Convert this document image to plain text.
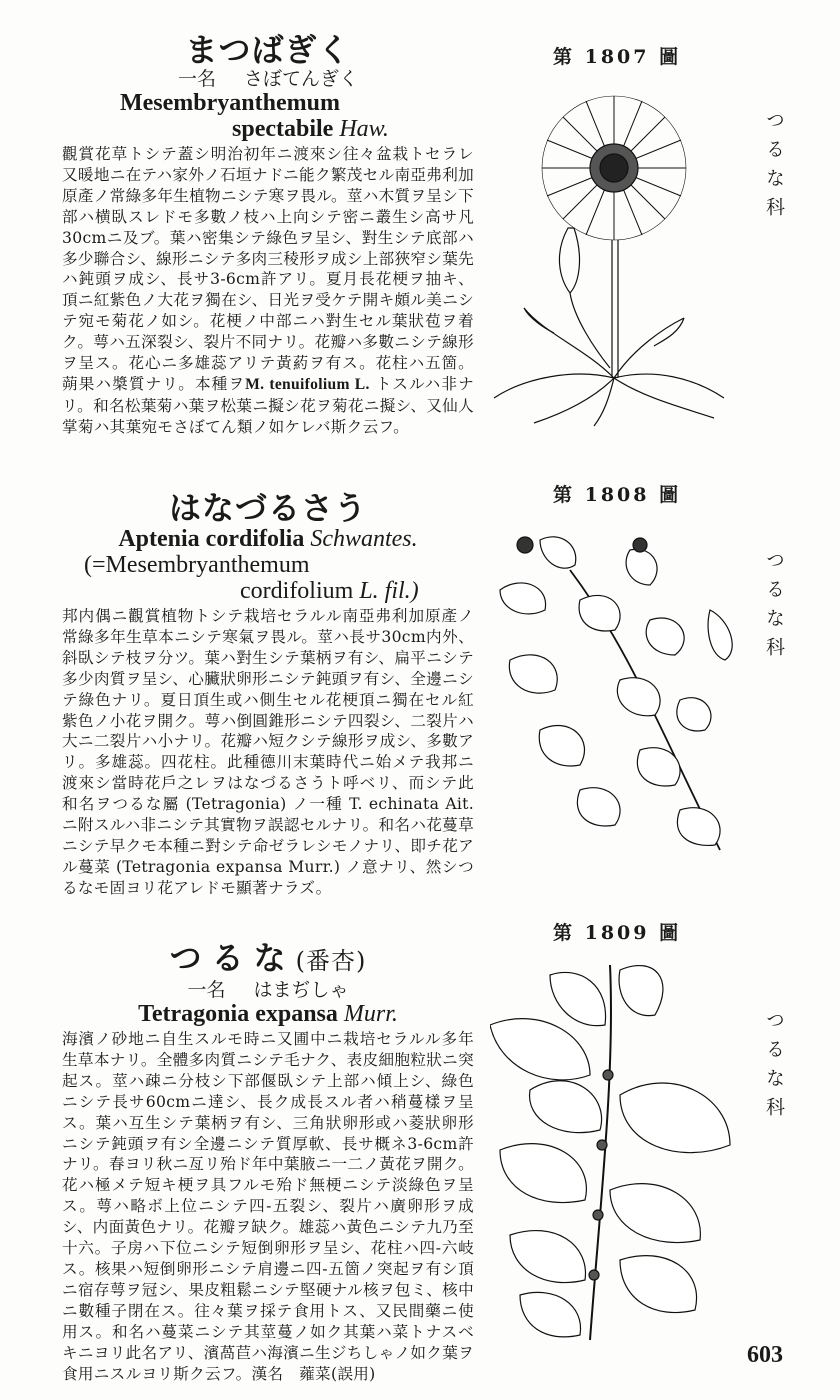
まつばぎく
一名 さぼてんぎく
Mesembryanthemum
spectabile Haw.
觀賞花草トシテ蓋シ明治初年ニ渡來シ往々盆栽トセラレ又暖地ニ在テハ家外ノ石垣ナドニ能ク繁茂セル南亞弗利加原產ノ常綠多年生植物ニシテ寒ヲ畏ル。莖ハ木質ヲ呈シ下部ハ横臥スレドモ多數ノ枝ハ上向シテ密ニ叢生シ高サ凡30cmニ及ブ。葉ハ密集シテ綠色ヲ呈シ、對生シテ底部ハ多少聯合シ、線形ニシテ多肉三稜形ヲ成シ上部狹窄シ葉先ハ鈍頭ヲ成シ、長サ3-6cm許アリ。夏月長花梗ヲ抽キ、頂ニ紅紫色ノ大花ヲ獨在シ、日光ヲ受ケテ開キ頗ル美ニシテ宛モ菊花ノ如シ。花梗ノ中部ニハ對生セル葉狀苞ヲ着ク。萼ハ五深裂シ、裂片不同ナリ。花瓣ハ多數ニシテ線形ヲ呈ス。花心ニ多雄蕊アリテ黃葯ヲ有ス。花柱ハ五箇。蒴果ハ槳質ナリ。本種ヲM. tenuifolium L. トスルハ非ナリ。和名松葉菊ハ葉ヲ松葉ニ擬シ花ヲ菊花ニ擬シ、又仙人掌菊ハ其葉宛モさぼてん類ノ如ケレバ斯ク云フ。
はなづるさう
Aptenia cordifolia Schwantes.
(=Mesembryanthemum
cordifolium L. fil.)
邦内偶ニ觀賞植物トシテ栽培セラルル南亞弗利加原產ノ常綠多年生草本ニシテ寒氣ヲ畏ル。莖ハ長サ30cm内外、斜臥シテ枝ヲ分ツ。葉ハ對生シテ葉柄ヲ有シ、扁平ニシテ多少肉質ヲ呈シ、心臟狀卵形ニシテ鈍頭ヲ有シ、全邊ニシテ綠色ナリ。夏日頂生或ハ側生セル花梗頂ニ獨在セル紅紫色ノ小花ヲ開ク。萼ハ倒圓錐形ニシテ四裂シ、二裂片ハ大ニ二裂片ハ小ナリ。花瓣ハ短クシテ線形ヲ成シ、多數アリ。多雄蕊。四花柱。此種德川末葉時代ニ始メテ我邦ニ渡來シ當時花戶之レヲはなづるさうト呼ベリ、而シテ此和名ヲつるな屬 (Tetragonia) ノ一種 T. echinata Ait. ニ附スルハ非ニシテ其實物ヲ誤認セルナリ。和名ハ花蔓草ニシテ早クモ本種ニ對シテ命ゼラレシモノナリ、即チ花アル蔓菜 (Tetragonia expansa Murr.) ノ意ナリ、然シつるなモ固ヨリ花アレドモ顯著ナラズ。
つるな(番杏)
一名 はまぢしゃ
Tetragonia expansa Murr.
海濱ノ砂地ニ自生スルモ時ニ又圃中ニ栽培セラルル多年生草本ナリ。全體多肉質ニシテ毛ナク、表皮細胞粒狀ニ突起ス。莖ハ疎ニ分枝シ下部偃臥シテ上部ハ傾上シ、綠色ニシテ長サ60cmニ達シ、長ク成長スル者ハ稍蔓樣ヲ呈ス。葉ハ互生シテ葉柄ヲ有シ、三角狀卵形或ハ菱狀卵形ニシテ鈍頭ヲ有シ全邊ニシテ質厚軟、長サ概ネ3-6cm許ナリ。春ヨリ秋ニ亙リ殆ド年中葉腋ニ一二ノ黃花ヲ開ク。花ハ極メテ短キ梗ヲ具フルモ殆ド無梗ニシテ淡綠色ヲ呈ス。萼ハ略ボ上位ニシテ四-五裂シ、裂片ハ廣卵形ヲ成シ、内面黃色ナリ。花瓣ヲ缺ク。雄蕊ハ黃色ニシテ九乃至十六。子房ハ下位ニシテ短倒卵形ヲ呈シ、花柱ハ四-六岐ス。核果ハ短倒卵形ニシテ肩邊ニ四-五箇ノ突起ヲ有シ頂ニ宿存萼ヲ冠シ、果皮粗鬆ニシテ堅硬ナル核ヲ包ミ、核中ニ數種子閉在ス。往々葉ヲ採テ食用トス、又民間藥ニ使用ス。和名ハ蔓菜ニシテ其莖蔓ノ如ク其葉ハ菜トナスベキニヨリ此名アリ、濱萵苣ハ海濱ニ生ジちしゃノ如ク葉ヲ食用ニスルヨリ斯ク云フ。漢名　蕹菜(誤用)
第 1807 圖
第 1808 圖
第 1809 圖
つるな科
つるな科
つるな科
603
